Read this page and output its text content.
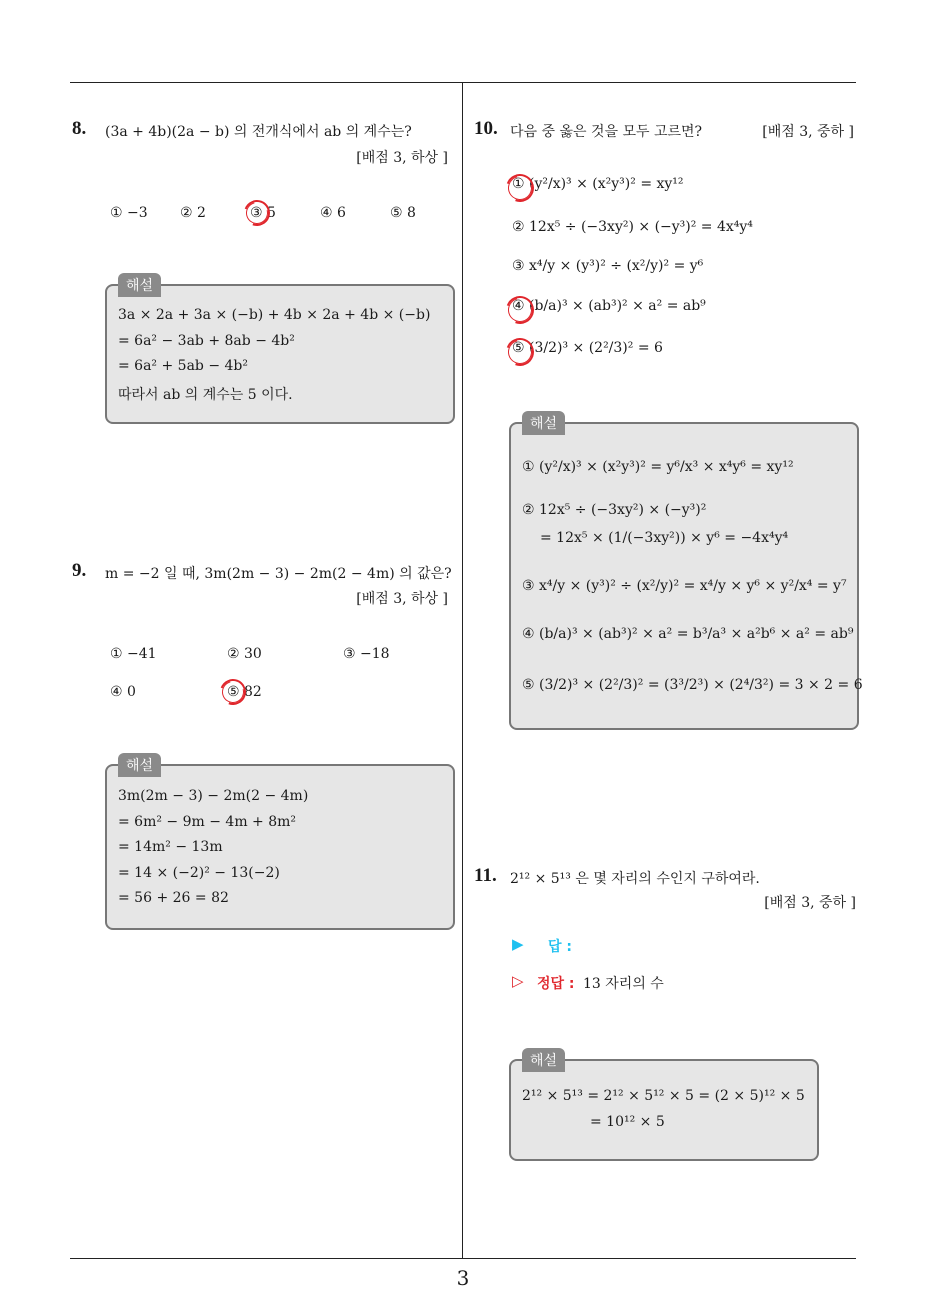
8. (3a + 4b)(2a − b) 의 전개식에서 ab 의 계수는?
[배점 3, 하상 ]
① −3 ② 2	③ 5	④ 6	⑤ 8
해설
3a × 2a + 3a × (−b) + 4b × 2a + 4b × (−b)
= 6a² − 3ab + 8ab − 4b²
= 6a² + 5ab − 4b²
따라서 ab 의 계수는 5 이다.
9. m = −2 일 때, 3m(2m − 3) − 2m(2 − 4m) 의 값은?
[배점 3, 하상 ]
① −41	② 30	③ −18
④ 0	⑤ 82
해설
3m(2m − 3) − 2m(2 − 4m)
= 6m² − 9m − 4m + 8m²
= 14m² − 13m
= 14 × (−2)² − 13(−2)
= 56 + 26 = 82
10. 다음 중 옳은 것을 모두 고르면?	[배점 3, 중하 ]
① (y²/x)³ × (x²y³)² = xy¹²
② 12x⁵ ÷ (−3xy²) × (−y³)² = 4x⁴y⁴
③ x⁴/y × (y³)² ÷ (x²/y)² = y⁶
④ (b/a)³ × (ab³)² × a² = ab⁹
⑤ (3/2)³ × (2²/3)² = 6
해설
① (y²/x)³ × (x²y³)² = y⁶/x³ × x⁴y⁶ = xy¹²
② 12x⁵ ÷ (−3xy²) × (−y³)²
= 12x⁵ × (1/(−3xy²)) × y⁶ = −4x⁴y⁴
③ x⁴/y × (y³)² ÷ (x²/y)² = x⁴/y × y⁶ × y²/x⁴ = y⁷
④ (b/a)³ × (ab³)² × a² = b³/a³ × a²b⁶ × a² = ab⁹
⑤ (3/2)³ × (2²/3)² = (3³/2³) × (2⁴/3²) = 3 × 2 = 6
11. 2¹² × 5¹³ 은 몇 자리의 수인지 구하여라.
[배점 3, 중하 ]
▶ 답 :
▷ 정답 : 13 자리의 수
해설
2¹² × 5¹³ = 2¹² × 5¹² × 5 = (2 × 5)¹² × 5
= 10¹² × 5
3
